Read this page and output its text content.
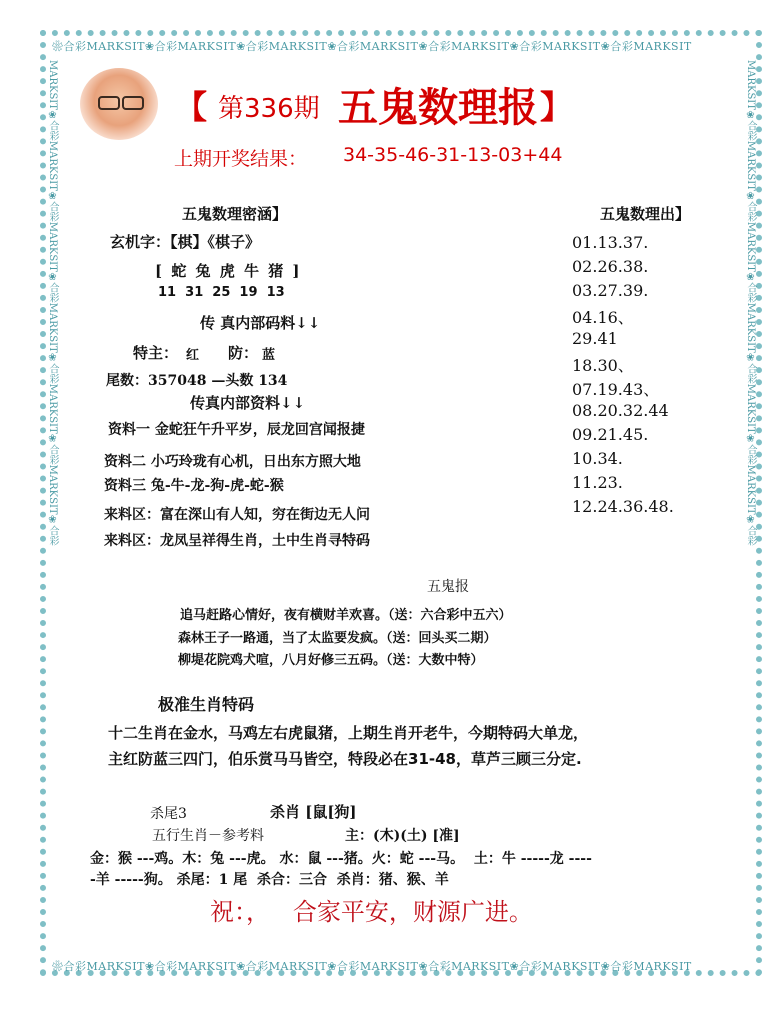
❀合彩MARKSIT❀合彩MARKSIT❀合彩MARKSIT❀合彩MARKSIT❀合彩MARKSIT❀合彩MARKSIT❀合彩MARKSIT
❀合彩MARKSIT❀合彩MARKSIT❀合彩MARKSIT❀合彩MARKSIT❀合彩MARKSIT❀合彩MARKSIT❀合彩MARKSIT
MARKSIT❀合彩MARKSIT❀合彩MARKSIT❀合彩MARKSIT❀合彩MARKSIT❀合彩MARKSIT❀合彩	MARKSIT❀合彩MARKSIT❀合彩MARKSIT❀合彩MARKSIT❀合彩MARKSIT❀合彩MARKSIT❀合彩
【 第336期 五鬼数理报 】
上期开奖结果： 34-35-46-31-13-03+44
五鬼数理密涵】
玄机字：【棋】《棋子》
[ 蛇 兔 虎 牛 猪 ]
11  31  25  19  13
传 真内部码料↓↓
特主： 红 防： 蓝
尾数：357048 —头数 134
传真内部资料↓↓
资料一 金蛇狂午升平岁，辰龙回宫闻报捷
资料二 小巧玲珑有心机，日出东方照大地
资料三 兔-牛-龙-狗-虎-蛇-猴
来料区：富在深山有人知，穷在街边无人问
来料区：龙凤呈祥得生肖，土中生肖寻特码
五鬼数理出】
01.13.37.
02.26.38.
03.27.39.
04.16、
29.41
18.30、
07.19.43、
08.20.32.44
09.21.45.
10.34.
11.23.
12.24.36.48.
五鬼报
追马赶路心情好，夜有横财羊欢喜。（送：六合彩中五六）
森林王子一路通，当了太监要发疯。（送：回头买二期）
柳堤花院鸡犬喧，八月好修三五码。（送：大数中特）
极准生肖特码
十二生肖在金水，马鸡左右虎鼠猪，上期生肖开老牛，今期特码大单龙，
主红防蓝三四门，伯乐赏马马皆空，特段必在31-48，草芦三顾三分定.
杀尾3	杀肖 [鼠[狗]
五行生肖－参考料	主：(木)(土) [准]
金：猴 ---鸡。木：兔 ---虎。 水：鼠 ---猪。火：蛇 ---马。  土：牛 -----龙 ----
-羊 -----狗。 杀尾：1 尾  杀合：三合  杀肖：猪、猴、羊
祝：，   合家平安，财源广进。
